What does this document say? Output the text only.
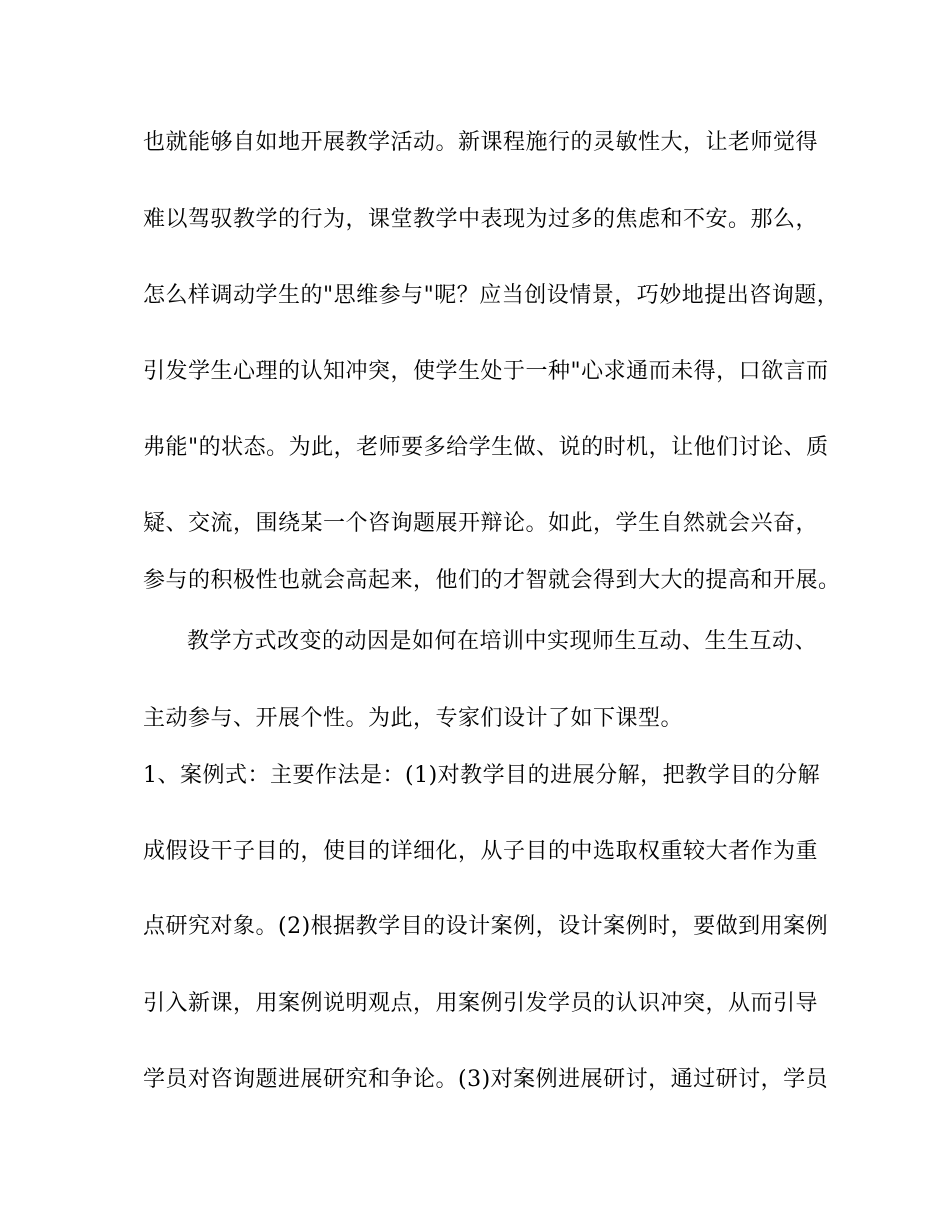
也就能够自如地开展教学活动。新课程施行的灵敏性大，让老师觉得
难以驾驭教学的行为，课堂教学中表现为过多的焦虑和不安。那么，
怎么样调动学生的"思维参与"呢？应当创设情景，巧妙地提出咨询题，
引发学生心理的认知冲突，使学生处于一种"心求通而未得，口欲言而
弗能"的状态。为此，老师要多给学生做、说的时机，让他们讨论、质
疑、交流，围绕某一个咨询题展开辩论。如此，学生自然就会兴奋，
参与的积极性也就会高起来，他们的才智就会得到大大的提高和开展。
教学方式改变的动因是如何在培训中实现师生互动、生生互动、
主动参与、开展个性。为此，专家们设计了如下课型。
1、案例式：主要作法是：(1)对教学目的进展分解，把教学目的分解
成假设干子目的，使目的详细化，从子目的中选取权重较大者作为重
点研究对象。(2)根据教学目的设计案例，设计案例时，要做到用案例
引入新课，用案例说明观点，用案例引发学员的认识冲突，从而引导
学员对咨询题进展研究和争论。(3)对案例进展研讨，通过研讨，学员
